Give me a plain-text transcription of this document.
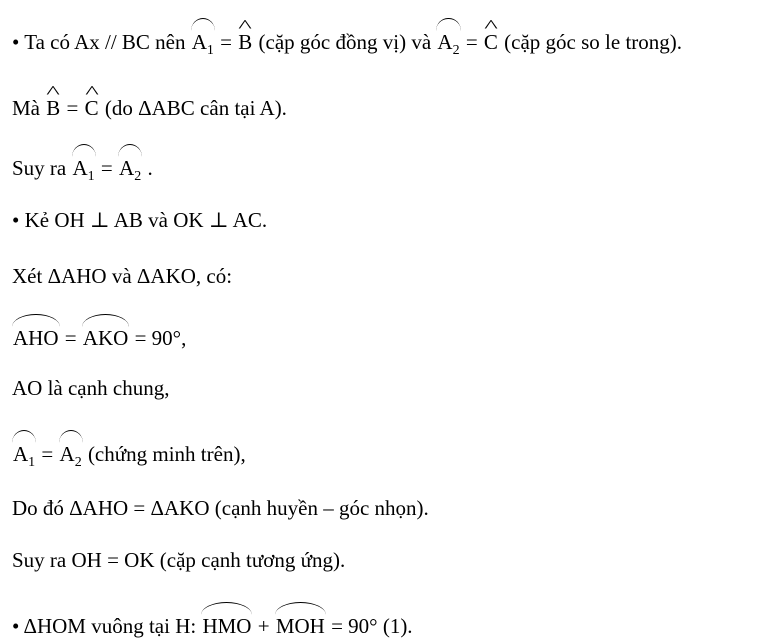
• Ta có Ax // BC nên $A_1$ = ^ B (cặp góc đồng vị) và $A_2$ = ^ C (cặp góc so le trong).
Mà ^ B = ^ C (do ΔABC cân tại A).
Suy ra $A_1 = A_2$ .
• Kẻ OH ⊥ AB và OK ⊥ AC.
Xét ΔAHO và ΔAKO, có:
AHO = AKO = 90°,
AO là cạnh chung,
$A_1 = A_2$ (chứng minh trên),
Do đó ΔAHO = ΔAKO (cạnh huyền – góc nhọn).
Suy ra OH = OK (cặp cạnh tương ứng).
• ΔHOM vuông tại H: HMO + MOH = 90° (1).
